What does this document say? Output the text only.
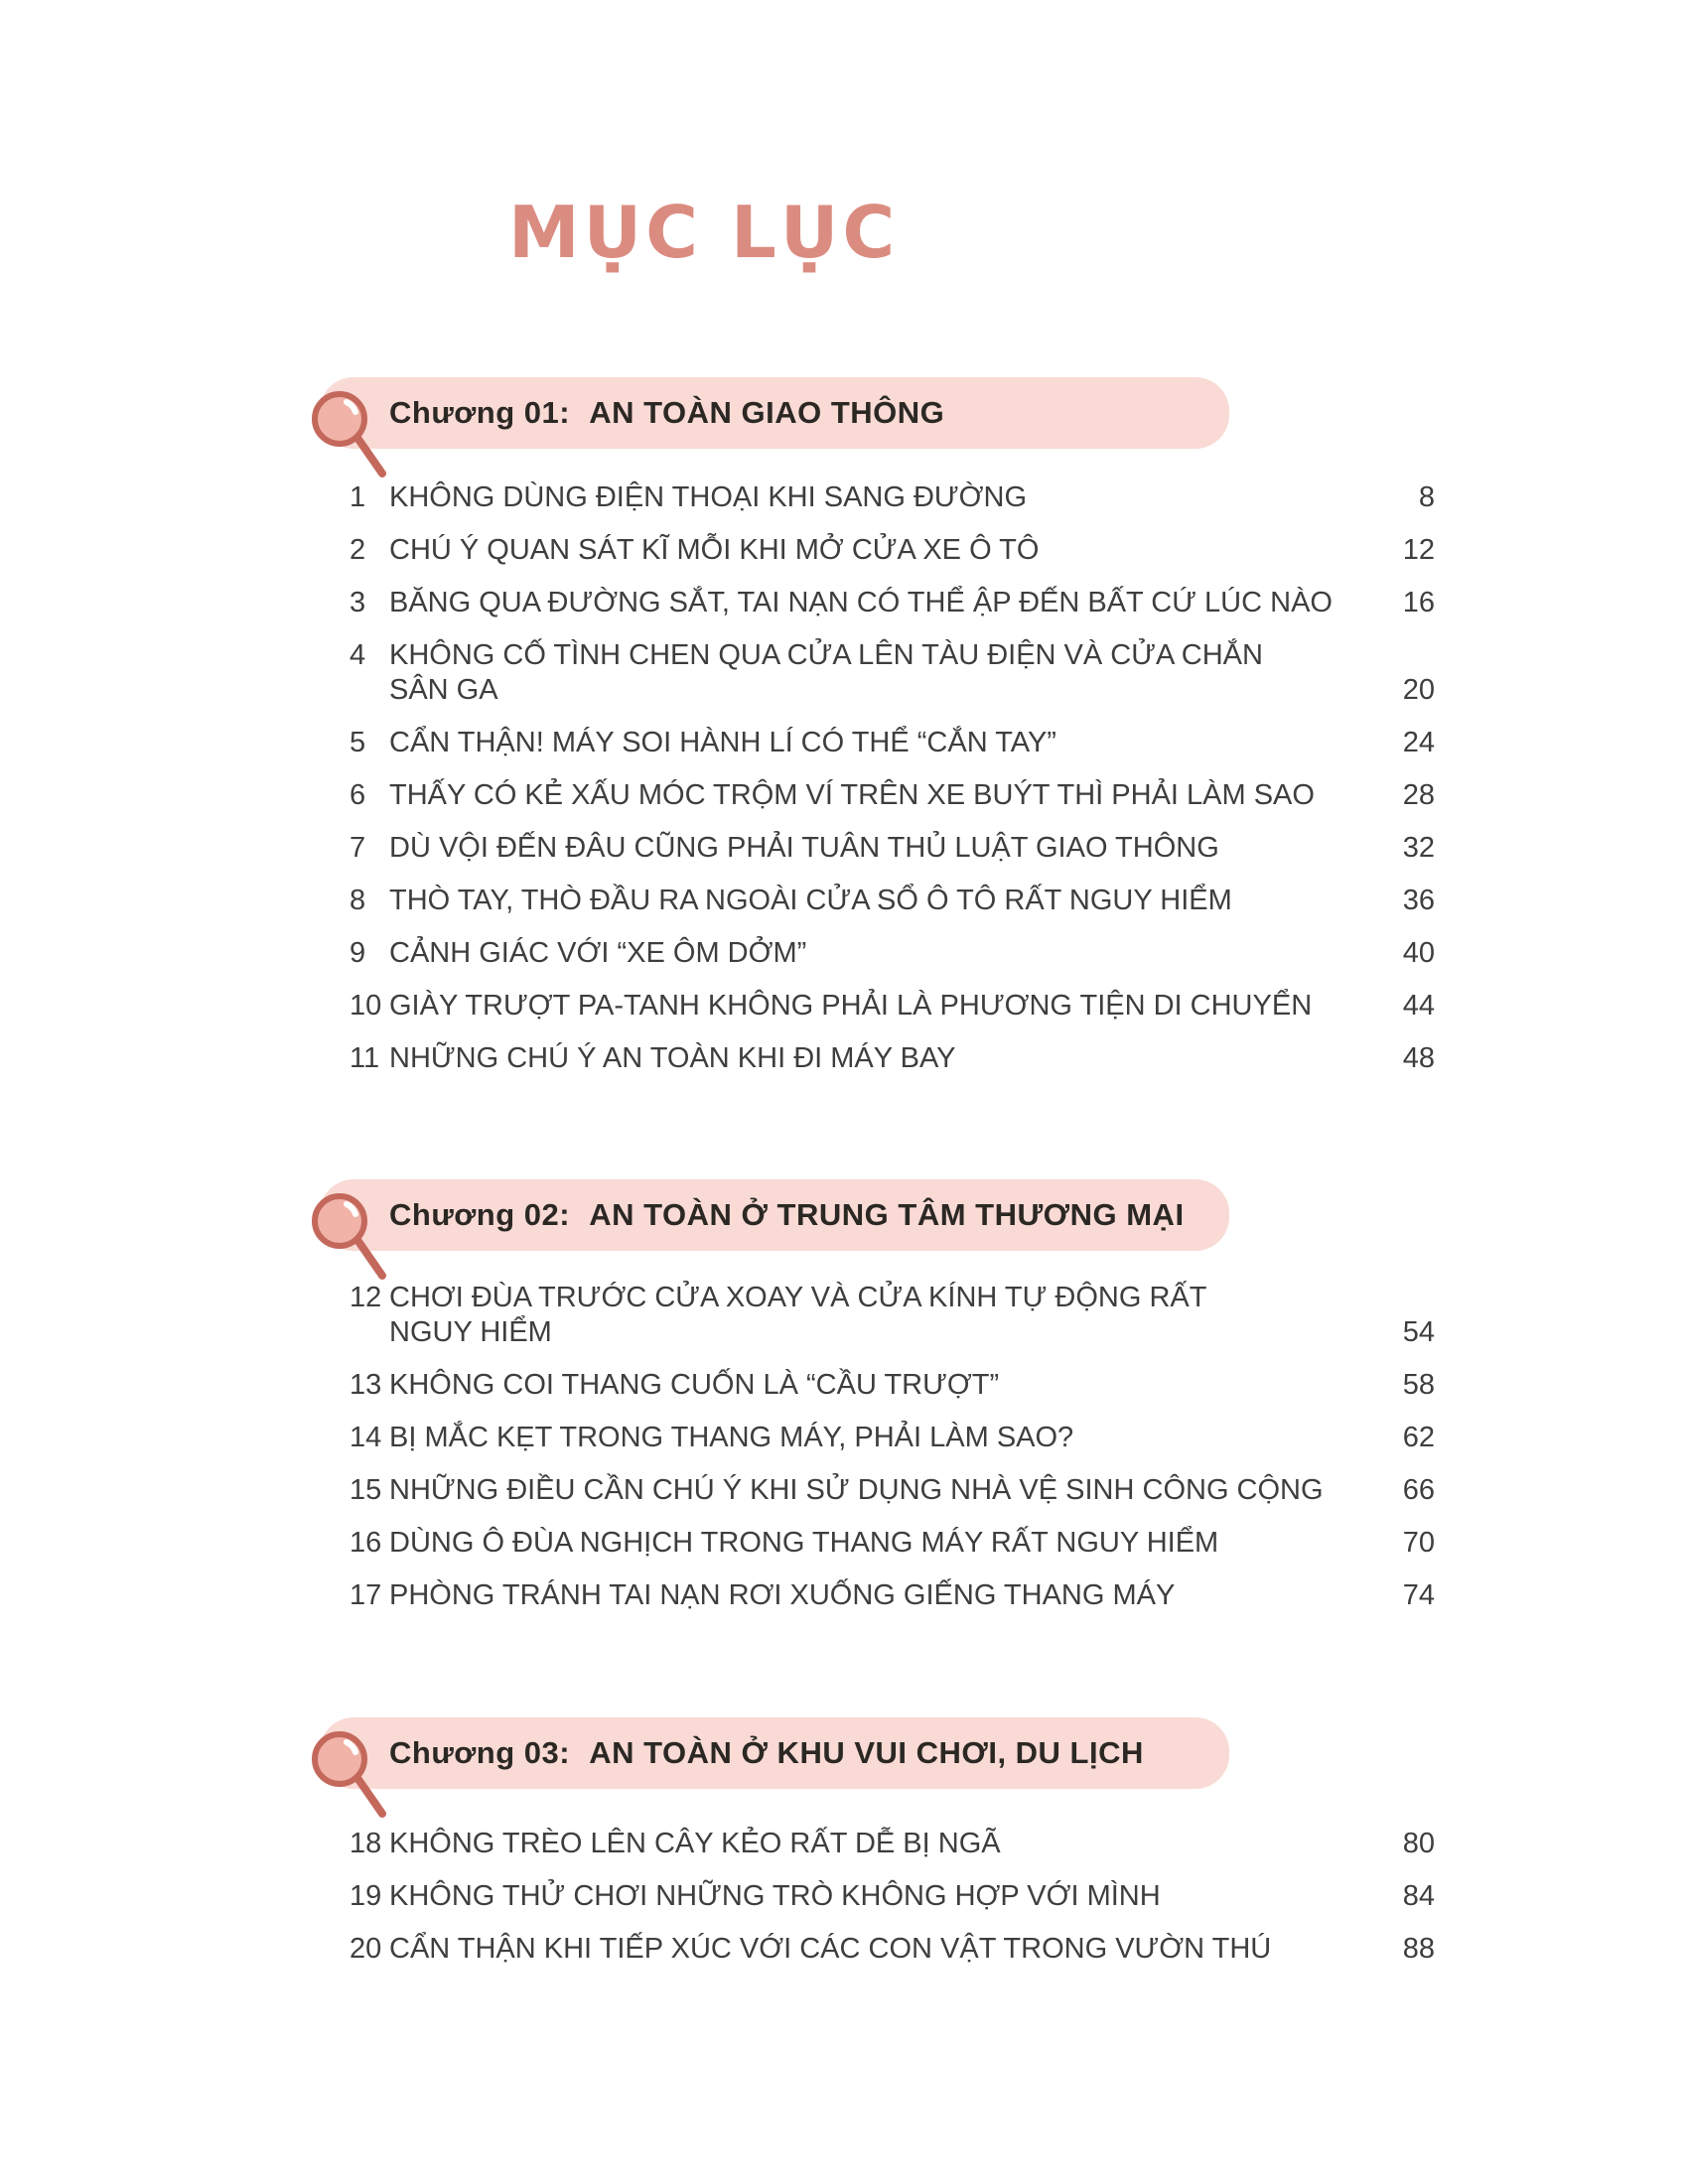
MỤC LỤC
Chương 01: AN TOÀN GIAO THÔNG
1 KHÔNG DÙNG ĐIỆN THOẠI KHI SANG ĐƯỜNG	8
2 CHÚ Ý QUAN SÁT KĨ MỖI KHI MỞ CỬA XE Ô TÔ	12
3 BĂNG QUA ĐƯỜNG SẮT, TAI NẠN CÓ THỂ ẬP ĐẾN BẤT CỨ LÚC NÀO	16
4 KHÔNG CỐ TÌNH CHEN QUA CỬA LÊN TÀU ĐIỆN VÀ CỬA CHẮN
SÂN GA	20
5 CẨN THẬN! MÁY SOI HÀNH LÍ CÓ THỂ “CẮN TAY”	24
6 THẤY CÓ KẺ XẤU MÓC TRỘM VÍ TRÊN XE BUÝT THÌ PHẢI LÀM SAO	28
7 DÙ VỘI ĐẾN ĐÂU CŨNG PHẢI TUÂN THỦ LUẬT GIAO THÔNG	32
8 THÒ TAY, THÒ ĐẦU RA NGOÀI CỬA SỔ Ô TÔ RẤT NGUY HIỂM	36
9 CẢNH GIÁC VỚI “XE ÔM DỞM”	40
10 GIÀY TRƯỢT PA-TANH KHÔNG PHẢI LÀ PHƯƠNG TIỆN DI CHUYỂN	44
11 NHỮNG CHÚ Ý AN TOÀN KHI ĐI MÁY BAY	48
Chương 02: AN TOÀN Ở TRUNG TÂM THƯƠNG MẠI
12 CHƠI ĐÙA TRƯỚC CỬA XOAY VÀ CỬA KÍNH TỰ ĐỘNG RẤT
NGUY HIỂM	54
13 KHÔNG COI THANG CUỐN LÀ “CẦU TRƯỢT”	58
14 BỊ MẮC KẸT TRONG THANG MÁY, PHẢI LÀM SAO?	62
15 NHỮNG ĐIỀU CẦN CHÚ Ý KHI SỬ DỤNG NHÀ VỆ SINH CÔNG CỘNG	66
16 DÙNG Ô ĐÙA NGHỊCH TRONG THANG MÁY RẤT NGUY HIỂM	70
17 PHÒNG TRÁNH TAI NẠN RƠI XUỐNG GIẾNG THANG MÁY	74
Chương 03: AN TOÀN Ở KHU VUI CHƠI, DU LỊCH
18 KHÔNG TRÈO LÊN CÂY KẺO RẤT DỄ BỊ NGÃ	80
19 KHÔNG THỬ CHƠI NHỮNG TRÒ KHÔNG HỢP VỚI MÌNH	84
20 CẨN THẬN KHI TIẾP XÚC VỚI CÁC CON VẬT TRONG VƯỜN THÚ	88
